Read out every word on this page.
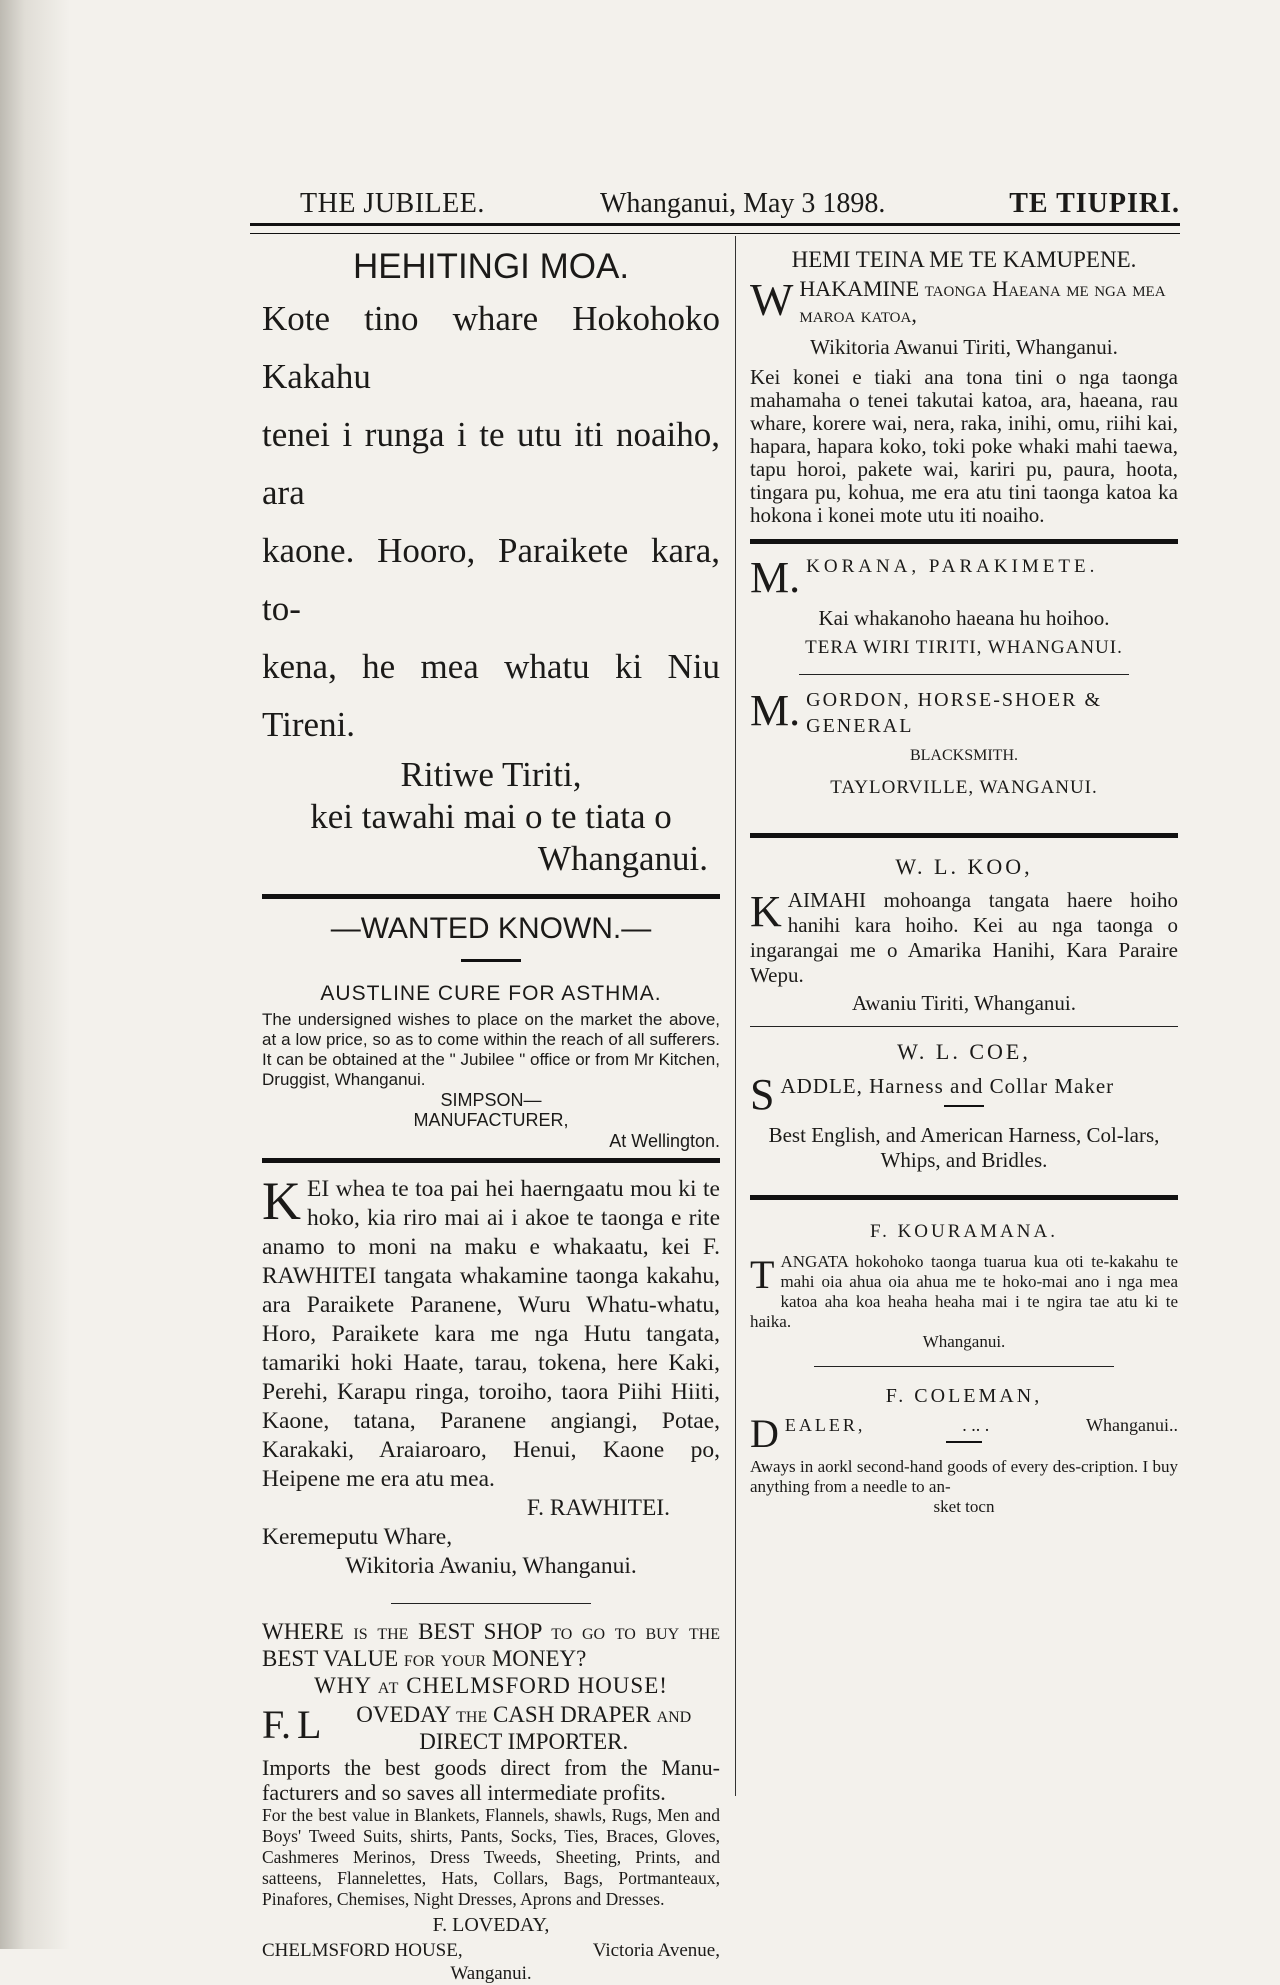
THE JUBILEE.	Whanganui, May 3 1898.	TE TIUPIRI.

HEHITINGI MOA.

Kote tino whare Hokohoko Kakahu

tenei i runga i te utu iti noaiho, ara

kaone. Hooro, Paraikete kara, to-

kena, he mea whatu ki Niu Tireni.

Ritiwe Tiriti,

kei tawahi mai o te tiata o

Whanganui.

—WANTED KNOWN.—

AUSTLINE CURE FOR ASTHMA.

The undersigned wishes to place on the market the above, at a low price, so as to come within the reach of all sufferers. It can be obtained at the " Jubilee " office or from Mr Kitchen, Druggist, Whanganui.

SIMPSON—

MANUFACTURER,

At Wellington.

K EI whea te toa pai hei haerngaatu mou ki te hoko, kia riro mai ai i akoe te taonga e rite anamo to moni na maku e whakaatu, kei F. RAWHITEI tangata whakamine taonga kakahu, ara Paraikete Paranene, Wuru Whatu-whatu, Horo, Paraikete kara me nga Hutu tangata, tamariki hoki Haate, tarau, tokena, here Kaki, Perehi, Karapu ringa, toroiho, taora Piihi Hiiti, Kaone, tatana, Paranene angiangi, Potae, Karakaki, Araiaroaro, Henui, Kaone po, Heipene me era atu mea.

F. RAWHITEI.

Keremeputu Whare,

Wikitoria Awaniu, Whanganui.

WHERE is the BEST SHOP to go to buy the BEST VALUE for your MONEY?

WHY at CHELMSFORD HOUSE!

F. L	OVEDAY the CASH DRAPER and DIRECT IMPORTER.

Imports the best goods direct from the Manu-facturers and so saves all intermediate profits.

For the best value in Blankets, Flannels, shawls, Rugs, Men and Boys' Tweed Suits, shirts, Pants, Socks, Ties, Braces, Gloves, Cashmeres Merinos, Dress Tweeds, Sheeting, Prints, and satteens, Flannelettes, Hats, Collars, Bags, Portmanteaux, Pinafores, Chemises, Night Dresses, Aprons and Dresses.

F. LOVEDAY,

CHELMSFORD HOUSE,	Victoria Avenue,

Wanganui.

HEMI TEINA ME TE KAMUPENE.

W HAKAMINE taonga Haeana me nga mea maroa katoa,

Wikitoria Awanui Tiriti, Whanganui.

Kei konei e tiaki ana tona tini o nga taonga mahamaha o tenei takutai katoa, ara, haeana, rau whare, korere wai, nera, raka, inihi, omu, riihi kai, hapara, hapara koko, toki poke whaki mahi taewa, tapu horoi, pakete wai, kariri pu, paura, hoota, tingara pu, kohua, me era atu tini taonga katoa ka hokona i konei mote utu iti noaiho.

M. KORANA, PARAKIMETE.

Kai whakanoho haeana hu hoihoo.

TERA WIRI TIRITI, WHANGANUI.

M. GORDON, HORSE-SHOER & GENERAL

BLACKSMITH.

TAYLORVILLE, WANGANUI.

W. L. KOO,

K AIMAHI mohoanga tangata haere hoiho hanihi kara hoiho. Kei au nga taonga o ingarangai me o Amarika Hanihi, Kara Paraire Wepu.

Awaniu Tiriti, Whanganui.

W. L. COE,

S ADDLE, Harness and Collar Maker

Best English, and American Harness, Col-lars, Whips, and Bridles.

F. KOURAMANA.

T ANGATA hokohoko taonga tuarua kua oti te-kakahu te mahi oia ahua oia ahua me te hoko-mai ano i nga mea katoa aha koa heaha heaha mai i te ngira tae atu ki te haika.

Whanganui.

F. COLEMAN,

D EALER,	. .. .	Whanganui..

Aways in aorkl second-hand goods of every des-cription. I buy anything from a needle to an-

sket tocn
